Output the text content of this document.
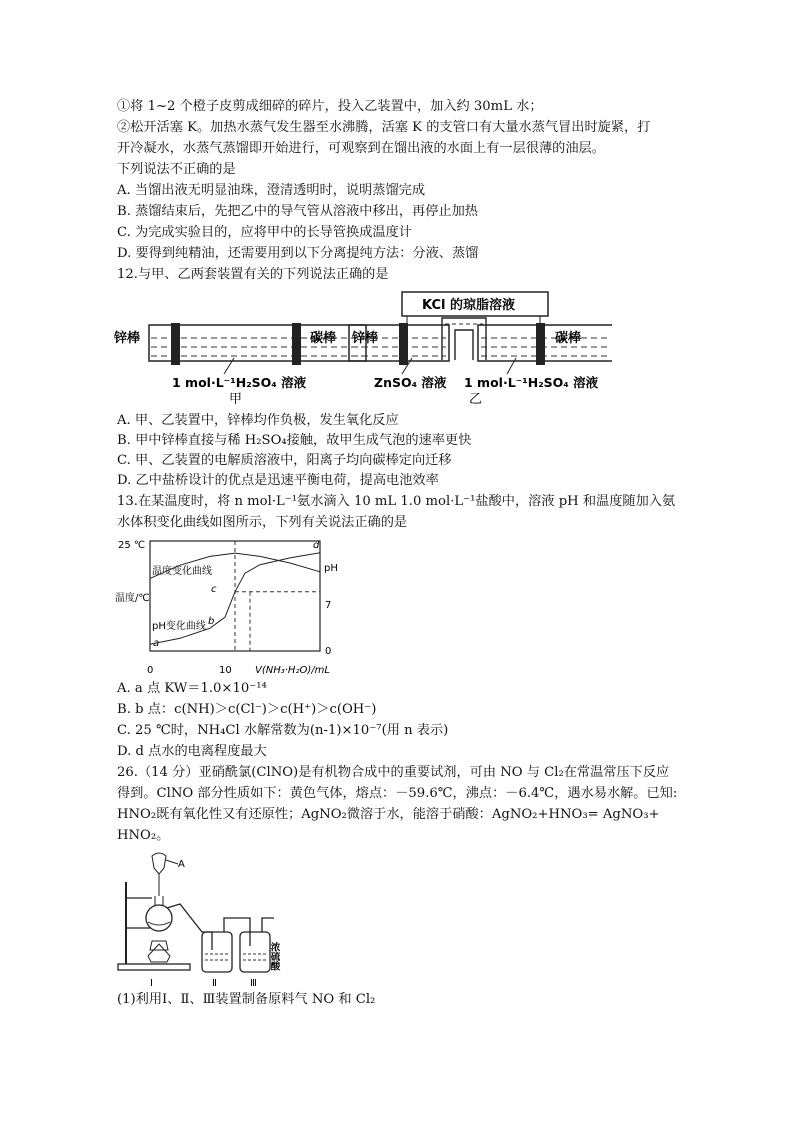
①将 1~2 个橙子皮剪成细碎的碎片，投入乙装置中，加入约 30mL 水；
②松开活塞 K。加热水蒸气发生器至水沸腾，活塞 K 的支管口有大量水蒸气冒出时旋紧，打
开冷凝水，水蒸气蒸馏即开始进行，可观察到在馏出液的水面上有一层很薄的油层。
下列说法不正确的是
A. 当馏出液无明显油珠，澄清透明时，说明蒸馏完成
B. 蒸馏结束后，先把乙中的导气管从溶液中移出，再停止加热
C. 为完成实验目的，应将甲中的长导管换成温度计
D. 要得到纯精油，还需要用到以下分离提纯方法：分液、蒸馏
12.与甲、乙两套装置有关的下列说法正确的是
锌棒	碳棒
1 mol·L⁻¹H₂SO₄ 溶液
甲
KCl 的琼脂溶液
锌棒	碳棒
ZnSO₄ 溶液 1 mol·L⁻¹H₂SO₄ 溶液
乙
A. 甲、乙装置中，锌棒均作负极，发生氧化反应
B. 甲中锌棒直接与稀 H₂SO₄接触，故甲生成气泡的速率更快
C. 甲、乙装置的电解质溶液中，阳离子均向碳棒定向迁移
D. 乙中盐桥设计的优点是迅速平衡电荷，提高电池效率
13.在某温度时，将 n mol·L⁻¹氨水滴入 10 mL 1.0 mol·L⁻¹盐酸中，溶液 pH 和温度随加入氨
水体积变化曲线如图所示，下列有关说法正确的是
25 ℃
温度/℃
pH
7
0
0	10 V(NH₃·H₂O)/mL
温度变化曲线
pH变化曲线
a
b
c
d
A. a 点 KW＝1.0×10⁻¹⁴
B. b 点：c(NH)＞c(Cl⁻)＞c(H⁺)＞c(OH⁻)
C. 25 ℃时，NH₄Cl 水解常数为(n-1)×10⁻⁷(用 n 表示)
D. d 点水的电离程度最大
26.（14 分）亚硝酰氯(ClNO)是有机物合成中的重要试剂，可由 NO 与 Cl₂在常温常压下反应
得到。ClNO 部分性质如下：黄色气体，熔点：－59.6℃，沸点：－6.4℃，遇水易水解。已知:
HNO₂既有氧化性又有还原性；AgNO₂微溶于水，能溶于硝酸：AgNO₂+HNO₃= AgNO₃+
HNO₂。
A
浓硫酸
Ⅰ	Ⅱ	Ⅲ
(1)利用Ⅰ、Ⅱ、Ⅲ装置制备原料气 NO 和 Cl₂
